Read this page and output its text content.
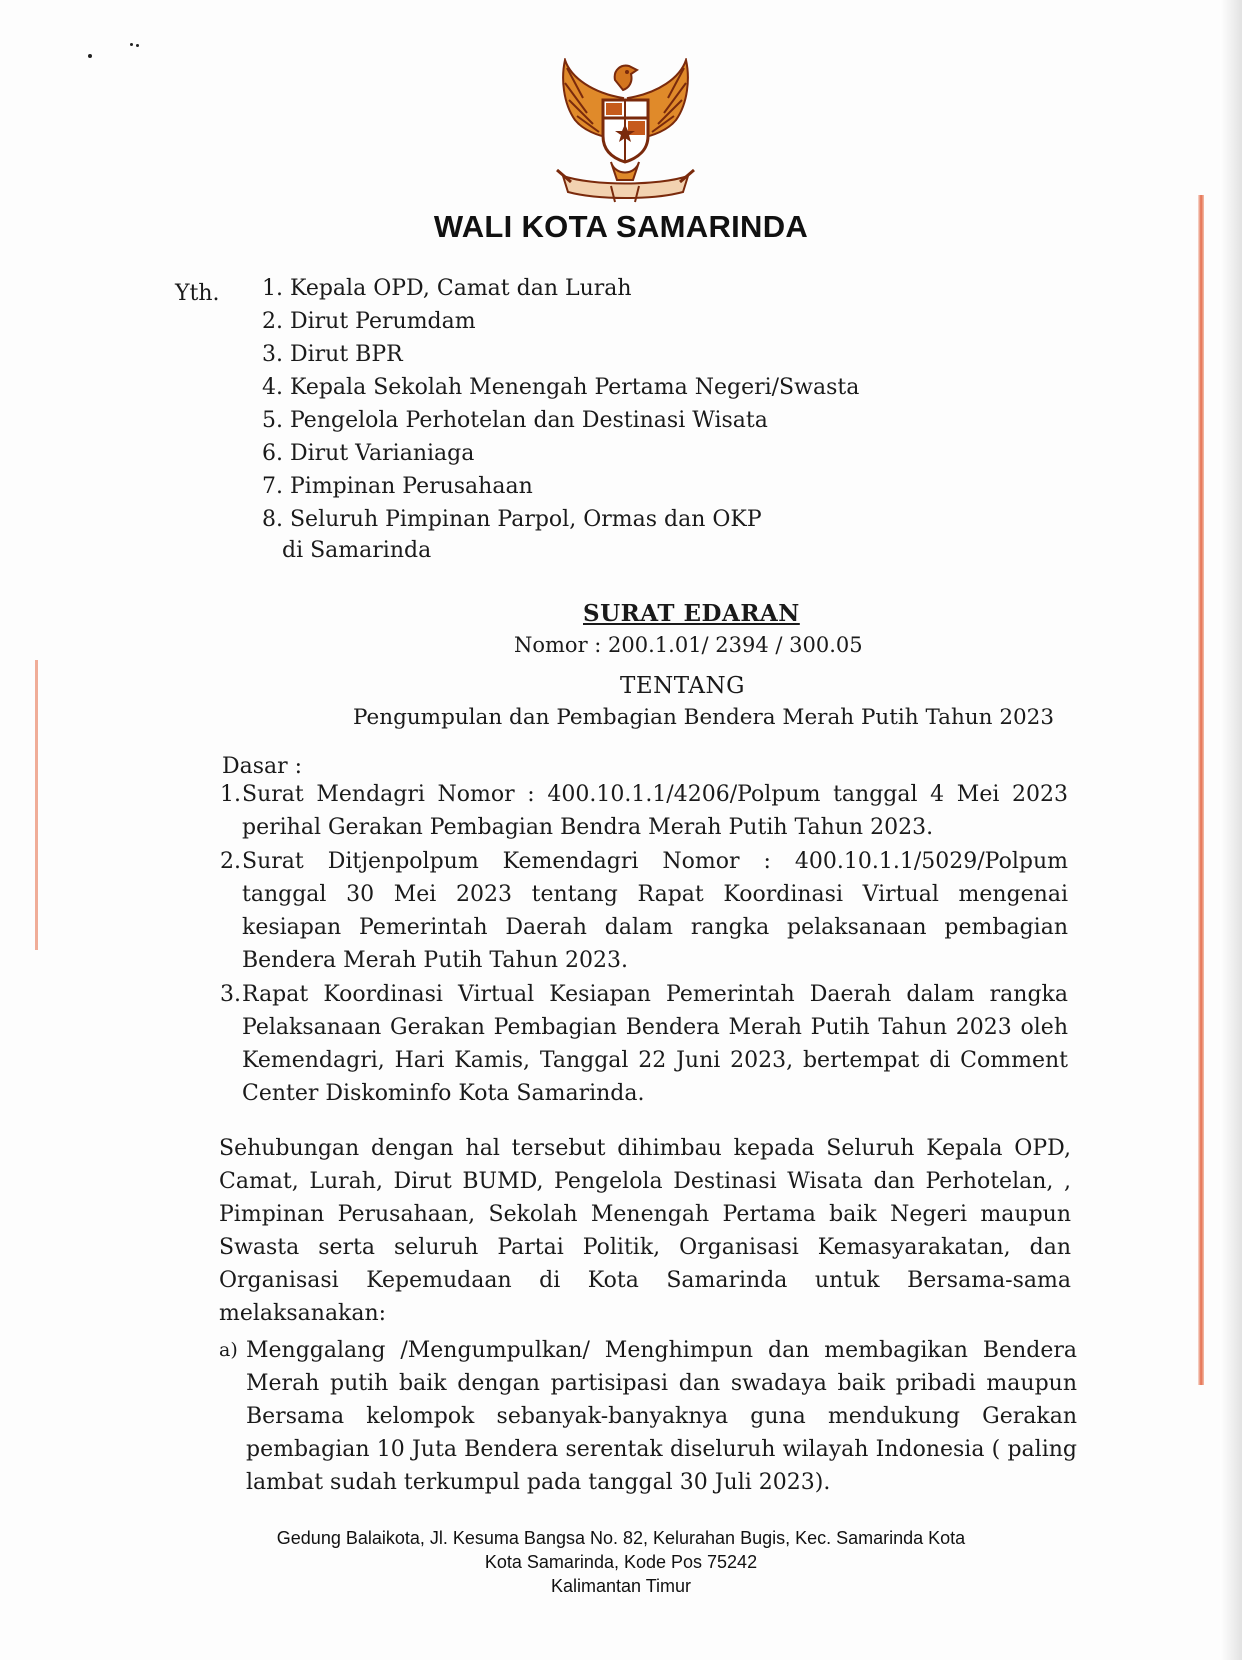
WALI KOTA SAMARINDA
Yth. 1. Kepala OPD, Camat dan Lurah
2. Dirut Perumdam
3. Dirut BPR
4. Kepala Sekolah Menengah Pertama Negeri/Swasta
5. Pengelola Perhotelan dan Destinasi Wisata
6. Dirut Varianiaga
7. Pimpinan Perusahaan
8. Seluruh Pimpinan Parpol, Ormas dan OKP
di Samarinda
SURAT EDARAN
Nomor : 200.1.01/ 2394 / 300.05
TENTANG
Pengumpulan dan Pembagian Bendera Merah Putih Tahun 2023
Dasar :
1. Surat Mendagri Nomor : 400.10.1.1/4206/Polpum tanggal 4 Mei 2023 perihal Gerakan Pembagian Bendra Merah Putih Tahun 2023.
2. Surat Ditjenpolpum Kemendagri Nomor : 400.10.1.1/5029/Polpum tanggal 30 Mei 2023 tentang Rapat Koordinasi Virtual mengenai kesiapan Pemerintah Daerah dalam rangka pelaksanaan pembagian Bendera Merah Putih Tahun 2023.
3. Rapat Koordinasi Virtual Kesiapan Pemerintah Daerah dalam rangka Pelaksanaan Gerakan Pembagian Bendera Merah Putih Tahun 2023 oleh Kemendagri, Hari Kamis, Tanggal 22 Juni 2023, bertempat di Comment Center Diskominfo Kota Samarinda.
Sehubungan dengan hal tersebut dihimbau kepada Seluruh Kepala OPD, Camat, Lurah, Dirut BUMD, Pengelola Destinasi Wisata dan Perhotelan, , Pimpinan Perusahaan, Sekolah Menengah Pertama baik Negeri maupun Swasta serta seluruh Partai Politik, Organisasi Kemasyarakatan, dan Organisasi Kepemudaan di Kota Samarinda untuk Bersama-sama melaksanakan:
a) Menggalang /Mengumpulkan/ Menghimpun dan membagikan Bendera Merah putih baik dengan partisipasi dan swadaya baik pribadi maupun Bersama kelompok sebanyak-banyaknya guna mendukung Gerakan pembagian 10 Juta Bendera serentak diseluruh wilayah Indonesia ( paling lambat sudah terkumpul pada tanggal 30 Juli 2023).
Gedung Balaikota, Jl. Kesuma Bangsa No. 82, Kelurahan Bugis, Kec. Samarinda Kota
Kota Samarinda, Kode Pos 75242
Kalimantan Timur
